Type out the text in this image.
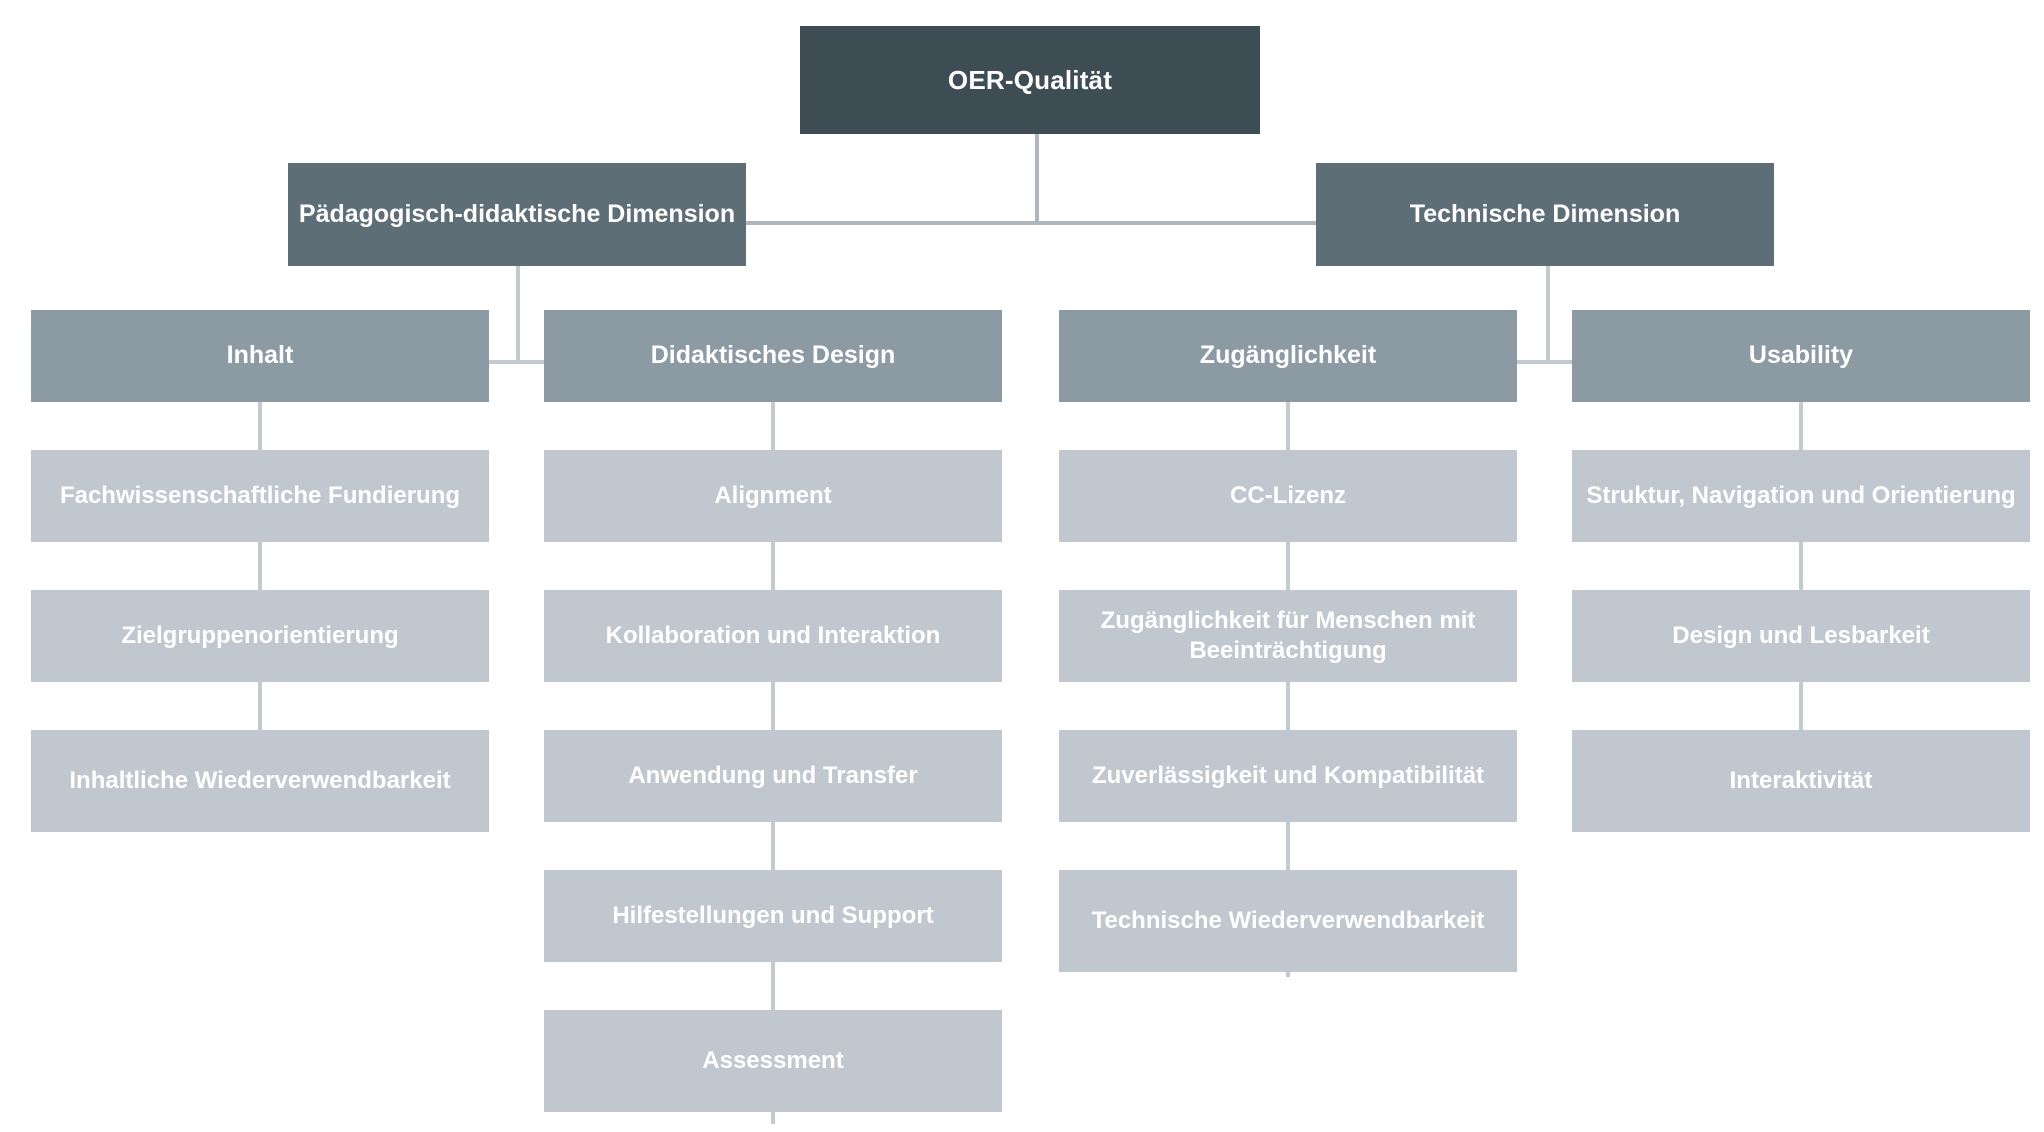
OER-Qualität
Pädagogisch-didaktische Dimension	Technische Dimension
Inhalt	Didaktisches Design	Zugänglichkeit	Usability
Fachwissenschaftliche Fundierung
Zielgruppenorientierung
Inhaltliche Wiederverwendbarkeit
Alignment
Kollaboration und Interaktion
Anwendung und Transfer
Hilfestellungen und Support
Assessment
CC-Lizenz
Zugänglichkeit für Menschen mit Beeinträchtigung
Zuverlässigkeit und Kompatibilität
Technische Wiederverwendbarkeit
Struktur, Navigation und Orientierung
Design und Lesbarkeit
Interaktivität
